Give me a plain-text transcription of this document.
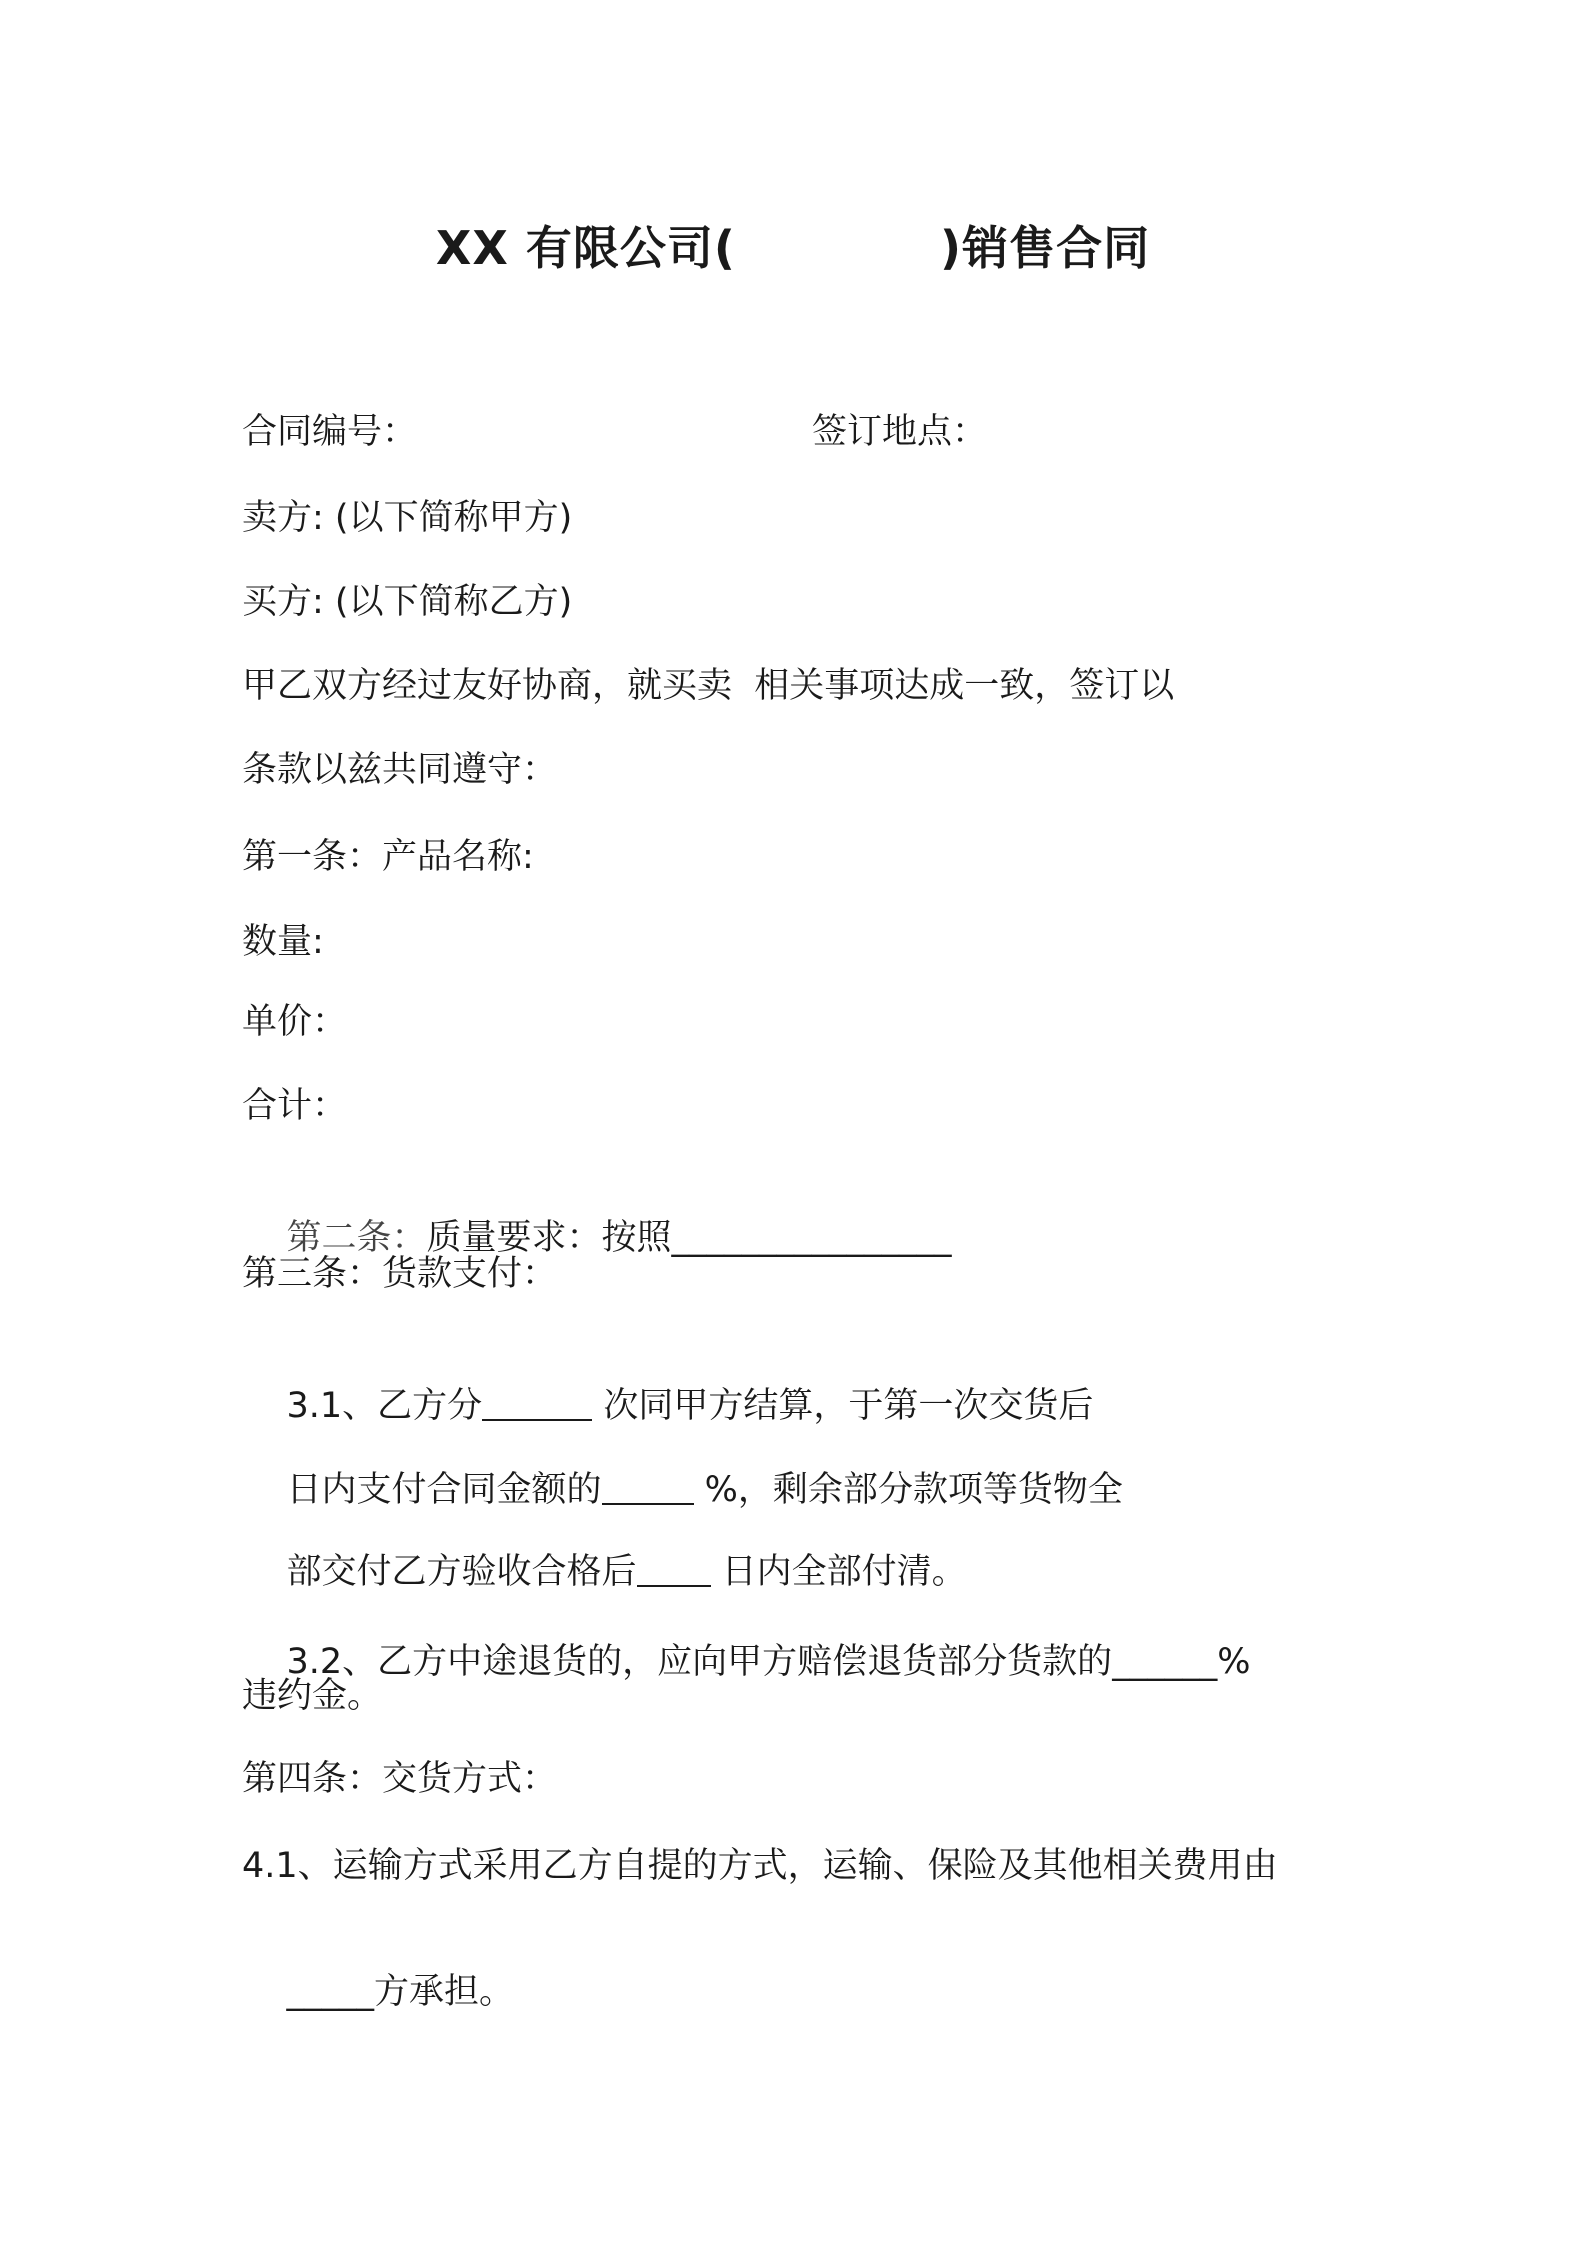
XX 有限公司(            )销售合同
合同编号：	签订地点：
卖方: (以下简称甲方)
买方: (以下简称乙方)
甲乙双方经过友好协商，就买卖  相关事项达成一致，签订以
条款以兹共同遵守：
第一条：产品名称:
数量:
单价：
合计：

第二条：质量要求：按照________________

第三条：货款支付：

3.1、乙方分	次同甲方结算，于第一次交货后

日内支付合同金额的	%，剩余部分款项等货物全

部交付乙方验收合格后 日内全部付清。

3.2、乙方中途退货的，应向甲方赔偿退货部分货款的______%

违约金。
第四条：交货方式：
4.1、运输方式采用乙方自提的方式，运输、保险及其他相关费用由

_____方承担。
